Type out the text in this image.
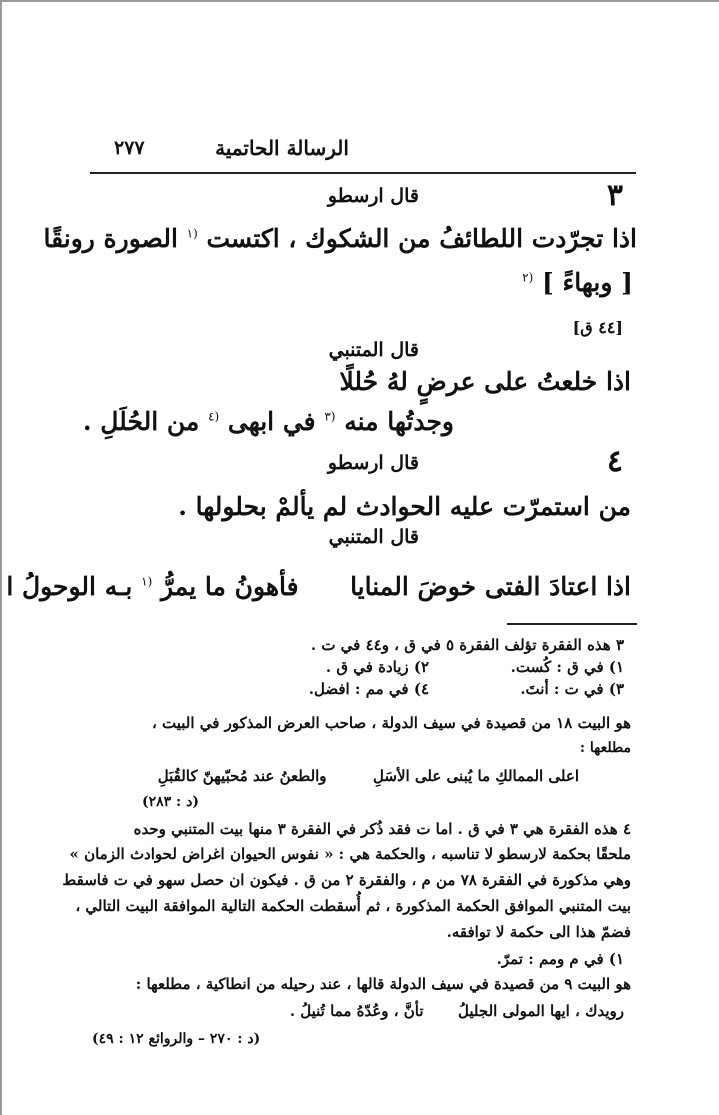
٢٧٧	الرسالة الحاتمية
٣
قال ارسطو
اذا تجرّدت اللطائفُ من الشكوك ، اكتست $^{(١}$ الصورة رونقًا
[ وبهاءً ] $^{(٢}$
[٤٤ ق]
قال المتنبي
اذا خلعتُ على عرضٍ لهُ حُللًا
وجدتُها منه $^{(٣}$ في ابهى $^{(٤}$ من الحُلَلِ .
٤
قال ارسطو
من استمرّت عليه الحوادث لم يألمْ بحلولها .
قال المتنبي
اذا اعتادَ الفتى خوضَ المنايا  فأهونُ ما يمرُّ $^{(١}$ بـه الوحولُ ا
٣ هذه الفقرة تؤلف الفقرة ٥ في ق ، و٤٤ في ت .
١) في ق : كُست.
٢) زيادة في ق .
٣) في ت : أنتَ.
٤) في مم : افضل.
هو البيت ١٨ من قصيدة في سيف الدولة ، صاحب العرض المذكور في البيت ،
مطلعها :
اعلى الممالكِ ما يُبنى على الأسَلِ  والطعنُ عند مُحبّيهنّ كالقُبَلِ
(د : ٢٨٣)
٤ هذه الفقرة هي ٣ في ق . اما ت فقد ذُكر في الفقرة ٣ منها بيت المتنبي وحده
ملحقًا بحكمة لارسطو لا تناسبه ، والحكمة هي : « نفوس الحيوان اغراض لحوادث الزمان »
وهي مذكورة في الفقرة ٧٨ من م ، والفقرة ٢ من ق . فيكون ان حصل سهو في ت فاسقط
بيت المتنبي الموافق الحكمة المذكورة ، ثم أُسقطت الحكمة التالية الموافقة البيت التالي ،
فضمّ هذا الى حكمة لا توافقه.
١) في م ومم : تمرّ.
هو البيت ٩ من قصيدة في سيف الدولة قالها ، عند رحيله من انطاكية ، مطلعها :
رويدك ، ايها المولى الجليلُ  تأنَّ ، وعُدّهُ مما تُنيلُ .
(د : ٢٧٠ – والروائع ١٢ : ٤٩)
